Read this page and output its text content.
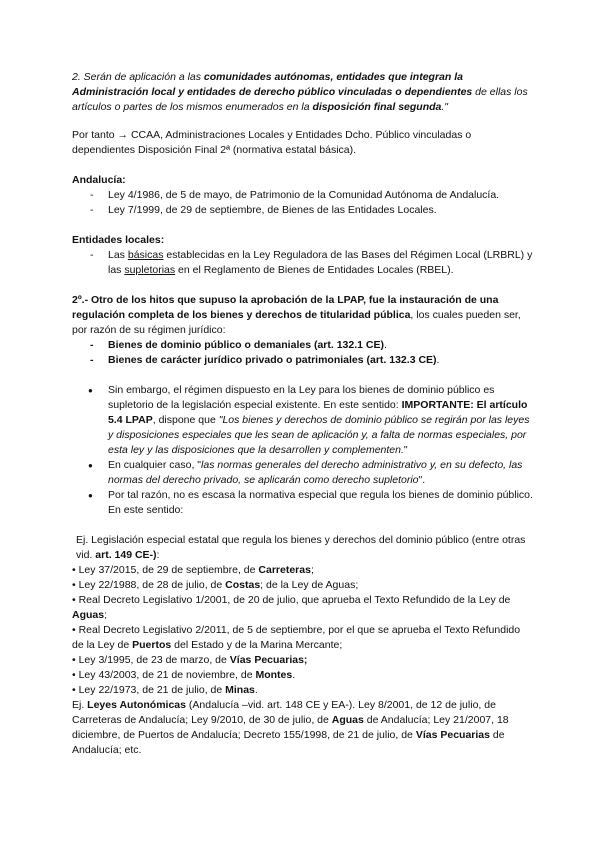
2. Serán de aplicación a las comunidades autónomas, entidades que integran la Administración local y entidades de derecho público vinculadas o dependientes de ellas los artículos o partes de los mismos enumerados en la disposición final segunda."

Por tanto → CCAA, Administraciones Locales y Entidades Dcho. Público vinculadas o dependientes Disposición Final 2ª (normativa estatal básica).

Andalucía:

- Ley 4/1986, de 5 de mayo, de Patrimonio de la Comunidad Autónoma de Andalucía.
- Ley 7/1999, de 29 de septiembre, de Bienes de las Entidades Locales.

Entidades locales:

- Las básicas establecidas en la Ley Reguladora de las Bases del Régimen Local (LRBRL) y las supletorias en el Reglamento de Bienes de Entidades Locales (RBEL).

2º.- Otro de los hitos que supuso la aprobación de la LPAP, fue la instauración de una regulación completa de los bienes y derechos de titularidad pública, los cuales pueden ser, por razón de su régimen jurídico:

- Bienes de dominio público o demaniales (art. 132.1 CE).
- Bienes de carácter jurídico privado o patrimoniales (art. 132.3 CE).
● Sin embargo, el régimen dispuesto en la Ley para los bienes de dominio público es supletorio de la legislación especial existente. En este sentido: IMPORTANTE: El artículo 5.4 LPAP, dispone que "Los bienes y derechos de dominio público se regirán por las leyes y disposiciones especiales que les sean de aplicación y, a falta de normas especiales, por esta ley y las disposiciones que la desarrollen y complementen."
● En cualquier caso, "las normas generales del derecho administrativo y, en su defecto, las normas del derecho privado, se aplicarán como derecho supletorio".
● Por tal razón, no es escasa la normativa especial que regula los bienes de dominio público. En este sentido:

Ej. Legislación especial estatal que regula los bienes y derechos del dominio público (entre otras vid. art. 149 CE-):

• Ley 37/2015, de 29 de septiembre, de Carreteras;

• Ley 22/1988, de 28 de julio, de Costas; de la Ley de Aguas;

• Real Decreto Legislativo 1/2001, de 20 de julio, que aprueba el Texto Refundido de la Ley de Aguas;

• Real Decreto Legislativo 2/2011, de 5 de septiembre, por el que se aprueba el Texto Refundido de la Ley de Puertos del Estado y de la Marina Mercante;

• Ley 3/1995, de 23 de marzo, de Vías Pecuarias;

• Ley 43/2003, de 21 de noviembre, de Montes.

• Ley 22/1973, de 21 de julio, de Minas.

Ej. Leyes Autonómicas (Andalucía –vid. art. 148 CE y EA-). Ley 8/2001, de 12 de julio, de Carreteras de Andalucía; Ley 9/2010, de 30 de julio, de Aguas de Andalucía; Ley 21/2007, 18 diciembre, de Puertos de Andalucía; Decreto 155/1998, de 21 de julio, de Vías Pecuarias de Andalucía; etc.
